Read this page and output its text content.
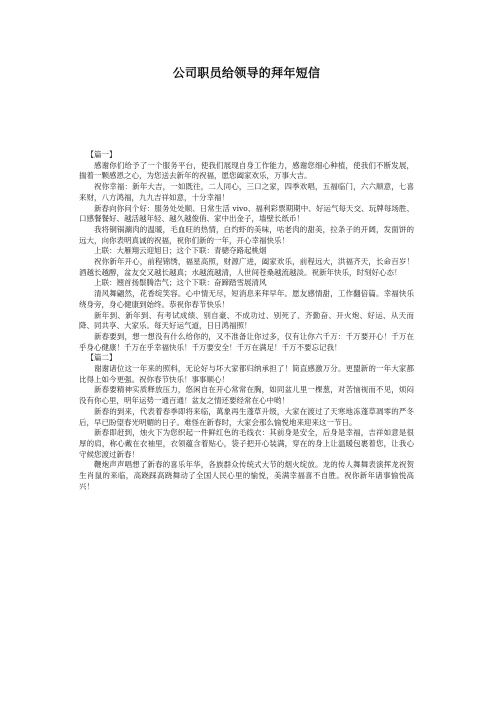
公司职员给领导的拜年短信

【篇一】

感谢你们给予了一个服务平台，使我们展现自身工作能力，感谢您细心种植，使我们不断发展，揣着一颗感恩之心，为您送去新年的祝福，愿您阖家欢乐，万事大吉。

祝你幸福：新年大吉，一如既往，二人同心，三口之家，四季欢唱，五福临门，六六顺意，七喜来财，八方鸿福，九九吉祥如意，十分幸福！

新春向你问个好：服务处处顺、日常生活 vivo、福利彩票期期中、好运气每天交、玩牌每场胜、口感餐餐好、越活越年轻、越久越俊俏、家中出金子，墙壁长纸币！

我将铜锅涮肉的温暖，毛血旺的热情，白灼虾的美味，咕老肉的甜美，拉条子的开阔，发面饼的远大，向你表明真诚的祝福，祝你们新的一年，开心幸福快乐！

上联：大雁翔云迎旭日；这个下联：青骢夺路起桃烟

祝你新年开心，前程锦绣，福星高照，财源广进，阖家欢乐，前程远大，洪福齐天，长命百岁！酒越长越醇，盆友交又越长越真；水越流越清，人世间苍桑越流越淡。祝新年快乐，时刻好心态！

上联：翘首扬鬃腾浩气；这个下联：奋蹄踏雪展清风

清风舞翩然，花香绽笑容。心中情无尽，短消息来拜早年。愿友感情甜，工作翻倍篇。幸福快乐绕身旁，身心健康到始终。恭祝你春节快乐！

新年到、新年到、有考试成绩、别自豪、不成功过、别死了、齐勤奋、开火炮、好运、从天而降、同共享、大家乐。每天好运气道，日日鸿福照！

新春要到，想一想没有什么给你的，又不准备让你过多，仅有让你六千万：千万要开心！千万在乎身心健康！千万在乎幸福快乐！千万要安全！千万在满足！千万不要忘记我！

【篇二】

谢谢诸位这一年来的照料，无论好与坏大家都归纳承担了！简直感激万分。更盟新的一年大家都比得上如今更强。祝你春节快乐！事事顺心！

新春要精神实质释放压力，悠闲自在开心常常在胸，如同盆儿里一棵葱，对苦恼视而不见，烦闷没有你心里，明年运势一通百通！盆友之情还要经常在心中哟！

新春的到来，代表着春季即将来临，萬象再生蓬草升级，大家在渡过了天寒地冻蓬草凋零的严冬后，早已盼望春光明媚的日子。难怪在新春时，大家会那么愉悦地来迎来这一节日。

新春即赶到，烛火下为您织起一件鲜红色的毛线衣：其前身是安全，后身是幸福，吉祥如意是很厚的肩，称心戴在衣袖里，衣领蕴含着贴心，袋子把开心装满，穿在的身上让温暖包裹着您，让我心守候您渡过新春！

鞭炮声声唱想了新春的喜乐年华，各族群众传统式大节的烟火绽放。龙的传人舞舞表演挥龙祝贺生肖鼠的来临，高跷踩高跷舞动了全国人民心里的愉悦，美满幸福喜不自胜。祝你新年诸事愉悦高兴！
